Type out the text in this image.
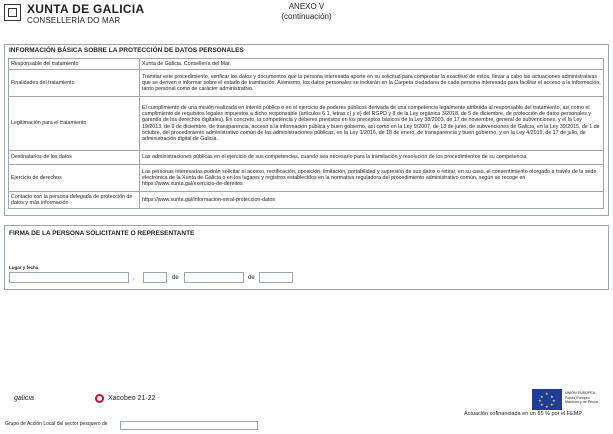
XUNTA DE GALICIA
CONSELLERÍA DO MAR
ANEXO V
(continuación)
INFORMACIÓN BÁSICA SOBRE LA PROTECCIÓN DE DATOS PERSONALES
Responsable del tratamiento	Xunta de Galicia. Consellería del Mar.
Finalidades del tratamiento	Tramitar este procedimiento, verificar los datos y documentos que la persona interesada aporte en su solicitud para comprobar la exactitud de estos, llevar a cabo las actuaciones administrativas que se deriven e informar sobre el estado de tramitación. Asimismo, los datos personales se incluirán en la Carpeta ciudadana de cada persona interesada para facilitar el acceso a la información, tanto personal como de carácter administrativo.
Legitimación para el tratamiento	El cumplimiento de una misión realizada en interés público o en el ejercicio de poderes públicos derivada de una competencia legalmente atribuida al responsable del tratamiento, así como el cumplimiento de requisitos legales impuestos a dicho responsable (artículos 6.1, letras c) y e) del RGPD y 8 de la Ley orgánica 3/2018, de 5 de diciembre, de protección de datos personales y garantía de los derechos digitales). En concreto, la competencia y deberes previstos en los preceptos básicos de la Ley 38/2003, de 17 de noviembre, general de subvenciones, y el la Ley 19/2013, de 9 de diciembre, de transparencia, acceso a la información pública y buen gobierno, así como en la Ley 9/2007, de 13 de junio, de subvenciones de Galicia, en la Ley 39/2015, de 1 de octubre, del procedimiento administrativo común de las administraciones públicas, en la Ley 1/2016, de 18 de enero, de transparencia y buen gobierno, y en la Ley 4/2019, de 17 de julio, de administración digital de Galicia.
Destinatarios de los datos	Las administraciones públicas en el ejercicio de sus competencias, cuando sea necesario para la tramitación y resolución de los procedimientos de su competencia.
Ejercicio de derechos	Las personas interesadas podrán solicitar el acceso, rectificación, oposición, limitación, portabilidad y supresión de sus datos o retirar, en su caso, el consentimiento otorgado a través de la sede electrónica de la Xunta de Galicia o en los lugares y registros establecidos en la normativa reguladora del procedimiento administrativo común, según se recoge en https://www.xunta.gal/exercicio-de-dereitos
Contacto con la persona delegada de protección de datos y más información	https://www.xunta.gal/informacion-xeral-proteccion-datos
FIRMA DE LA PERSONA SOLICITANTE O REPRESENTANTE
Lugar y fecha
,	de	de
galicia	Xacobeo 21·22
★
★ ★
★	★
★ ★
★
UNIÓN EUROPEA
Fondo Europeo
Marítimo y de Pesca
Actuación cofinanciada en un 85 % por el FEMP
Grupo de Acción Local del sector pesquero de
